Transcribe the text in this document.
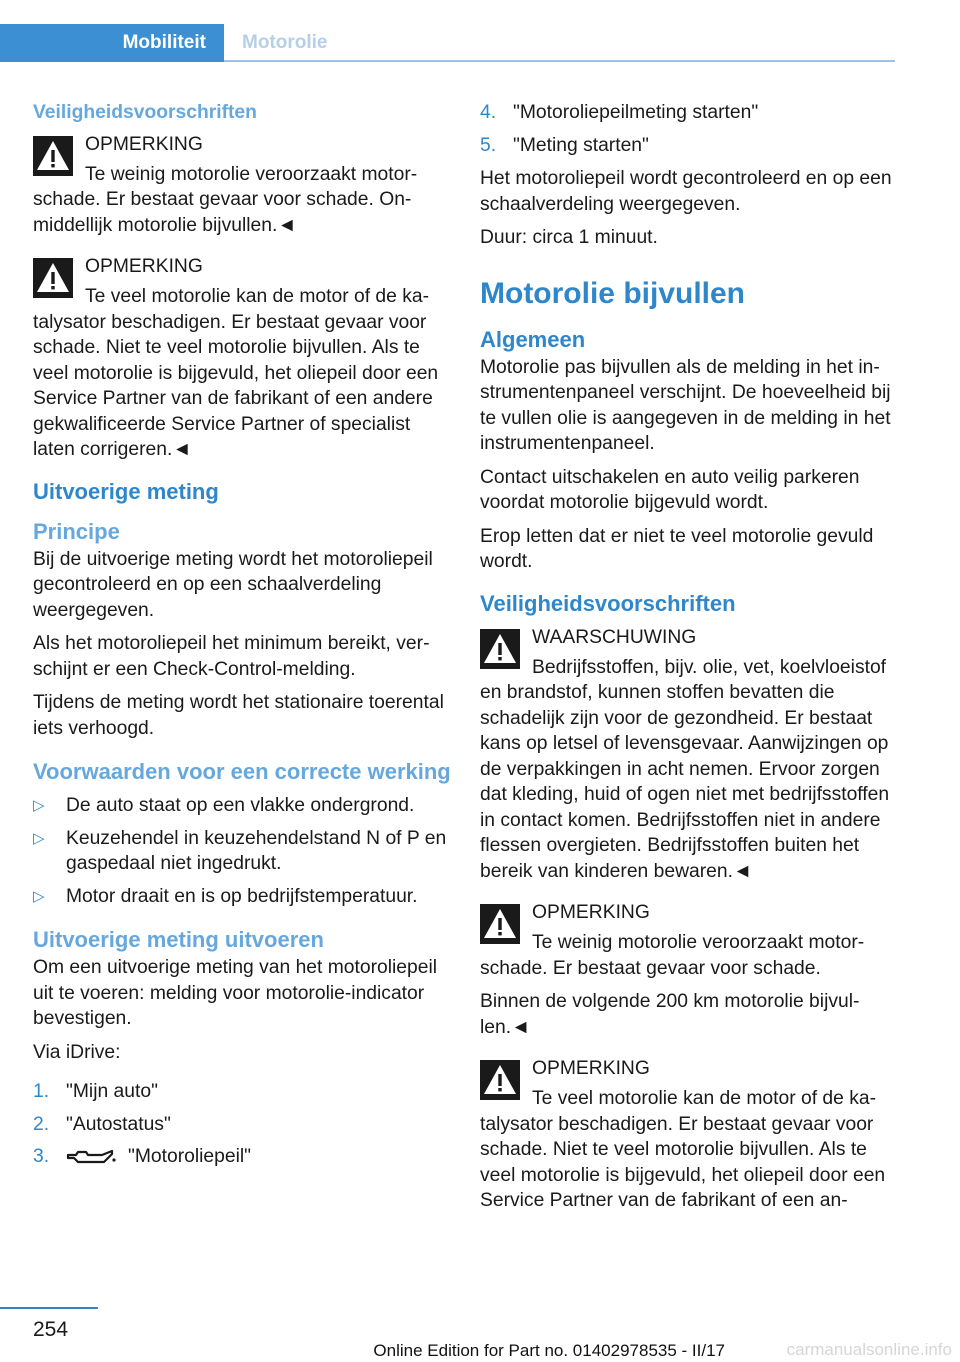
Mobiliteit	Motorolie
Veiligheidsvoorschriften
OPMERKING

Te weinig motorolie veroorzaakt motorschade. Er bestaat gevaar voor schade. Onmiddellijk motorolie bijvullen.◄

OPMERKING

Te veel motorolie kan de motor of de katalysator beschadigen. Er bestaat gevaar voor schade. Niet te veel motorolie bijvullen. Als te veel motorolie is bijgevuld, het oliepeil door een Service Partner van de fabrikant of een andere gekwalificeerde Service Partner of specialist laten corrigeren.◄

Uitvoerige meting
Principe

Bij de uitvoerige meting wordt het motoroliepeil gecontroleerd en op een schaalverdeling weergegeven.

Als het motoroliepeil het minimum bereikt, verschijnt er een Check-Control-melding.

Tijdens de meting wordt het stationaire toerental iets verhoogd.

Voorwaarden voor een correcte werking
▷	De auto staat op een vlakke ondergrond.
▷	Keuzehendel in keuzehendelstand N of P en gaspedaal niet ingedrukt.
▷	Motor draait en is op bedrijfstemperatuur.
Uitvoerige meting uitvoeren

Om een uitvoerige meting van het motoroliepeil uit te voeren: melding voor motorolie-indicator bevestigen.

Via iDrive:

1. "Mijn auto"
2. "Autostatus"
3.	"Motoroliepeil"
4. "Motoroliepeilmeting starten"
5. "Meting starten"

Het motoroliepeil wordt gecontroleerd en op een schaalverdeling weergegeven.

Duur: circa 1 minuut.

Motorolie bijvullen
Algemeen

Motorolie pas bijvullen als de melding in het instrumentenpaneel verschijnt. De hoeveelheid bij te vullen olie is aangegeven in de melding in het instrumentenpaneel.

Contact uitschakelen en auto veilig parkeren voordat motorolie bijgevuld wordt.

Erop letten dat er niet te veel motorolie gevuld wordt.

Veiligheidsvoorschriften
WAARSCHUWING

Bedrijfsstoffen, bijv. olie, vet, koelvloeistof en brandstof, kunnen stoffen bevatten die schadelijk zijn voor de gezondheid. Er bestaat kans op letsel of levensgevaar. Aanwijzingen op de verpakkingen in acht nemen. Ervoor zorgen dat kleding, huid of ogen niet met bedrijfsstoffen in contact komen. Bedrijfsstoffen niet in andere flessen overgieten. Bedrijfsstoffen buiten het bereik van kinderen bewaren.◄

OPMERKING

Te weinig motorolie veroorzaakt motorschade. Er bestaat gevaar voor schade.

Binnen de volgende 200 km motorolie bijvullen.◄

OPMERKING

Te veel motorolie kan de motor of de katalysator beschadigen. Er bestaat gevaar voor schade. Niet te veel motorolie bijvullen. Als te veel motorolie is bijgevuld, het oliepeil door een Service Partner van de fabrikant of een an-

254
Online Edition for Part no. 01402978535 - II/17	carmanualsonline.info
